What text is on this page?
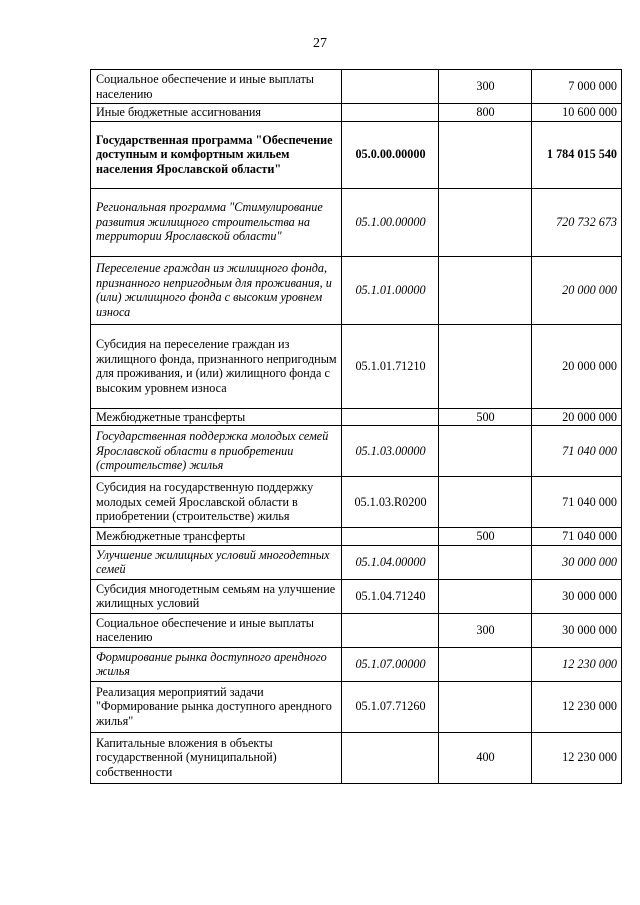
27
Социальное обеспечение и иные выплаты населению		300	7 000 000
Иные бюджетные ассигнования		800	10 600 000
Государственная программа "Обеспечение доступным и комфортным жильем населения Ярославской области"	05.0.00.00000		1 784 015 540
Региональная программа "Стимулирование развития жилищного строительства на территории Ярославской области"	05.1.00.00000		720 732 673
Переселение граждан из жилищного фонда, признанного непригодным для проживания, и (или) жилищного фонда с высоким уровнем износа	05.1.01.00000		20 000 000
Субсидия на переселение граждан из жилищного фонда, признанного непригодным для проживания, и (или) жилищного фонда с высоким уровнем износа	05.1.01.71210		20 000 000
Межбюджетные трансферты		500	20 000 000
Государственная поддержка молодых семей Ярославской области в приобретении (строительстве) жилья	05.1.03.00000		71 040 000
Субсидия на государственную поддержку молодых семей Ярославской области в приобретении (строительстве) жилья	05.1.03.R0200		71 040 000
Межбюджетные трансферты		500	71 040 000
Улучшение жилищных условий многодетных семей	05.1.04.00000		30 000 000
Субсидия многодетным семьям на улучшение жилищных условий	05.1.04.71240		30 000 000
Социальное обеспечение и иные выплаты населению		300	30 000 000
Формирование рынка доступного арендного жилья	05.1.07.00000		12 230 000
Реализация мероприятий задачи "Формирование рынка доступного арендного жилья"	05.1.07.71260		12 230 000
Капитальные вложения в объекты государственной (муниципальной) собственности		400	12 230 000
